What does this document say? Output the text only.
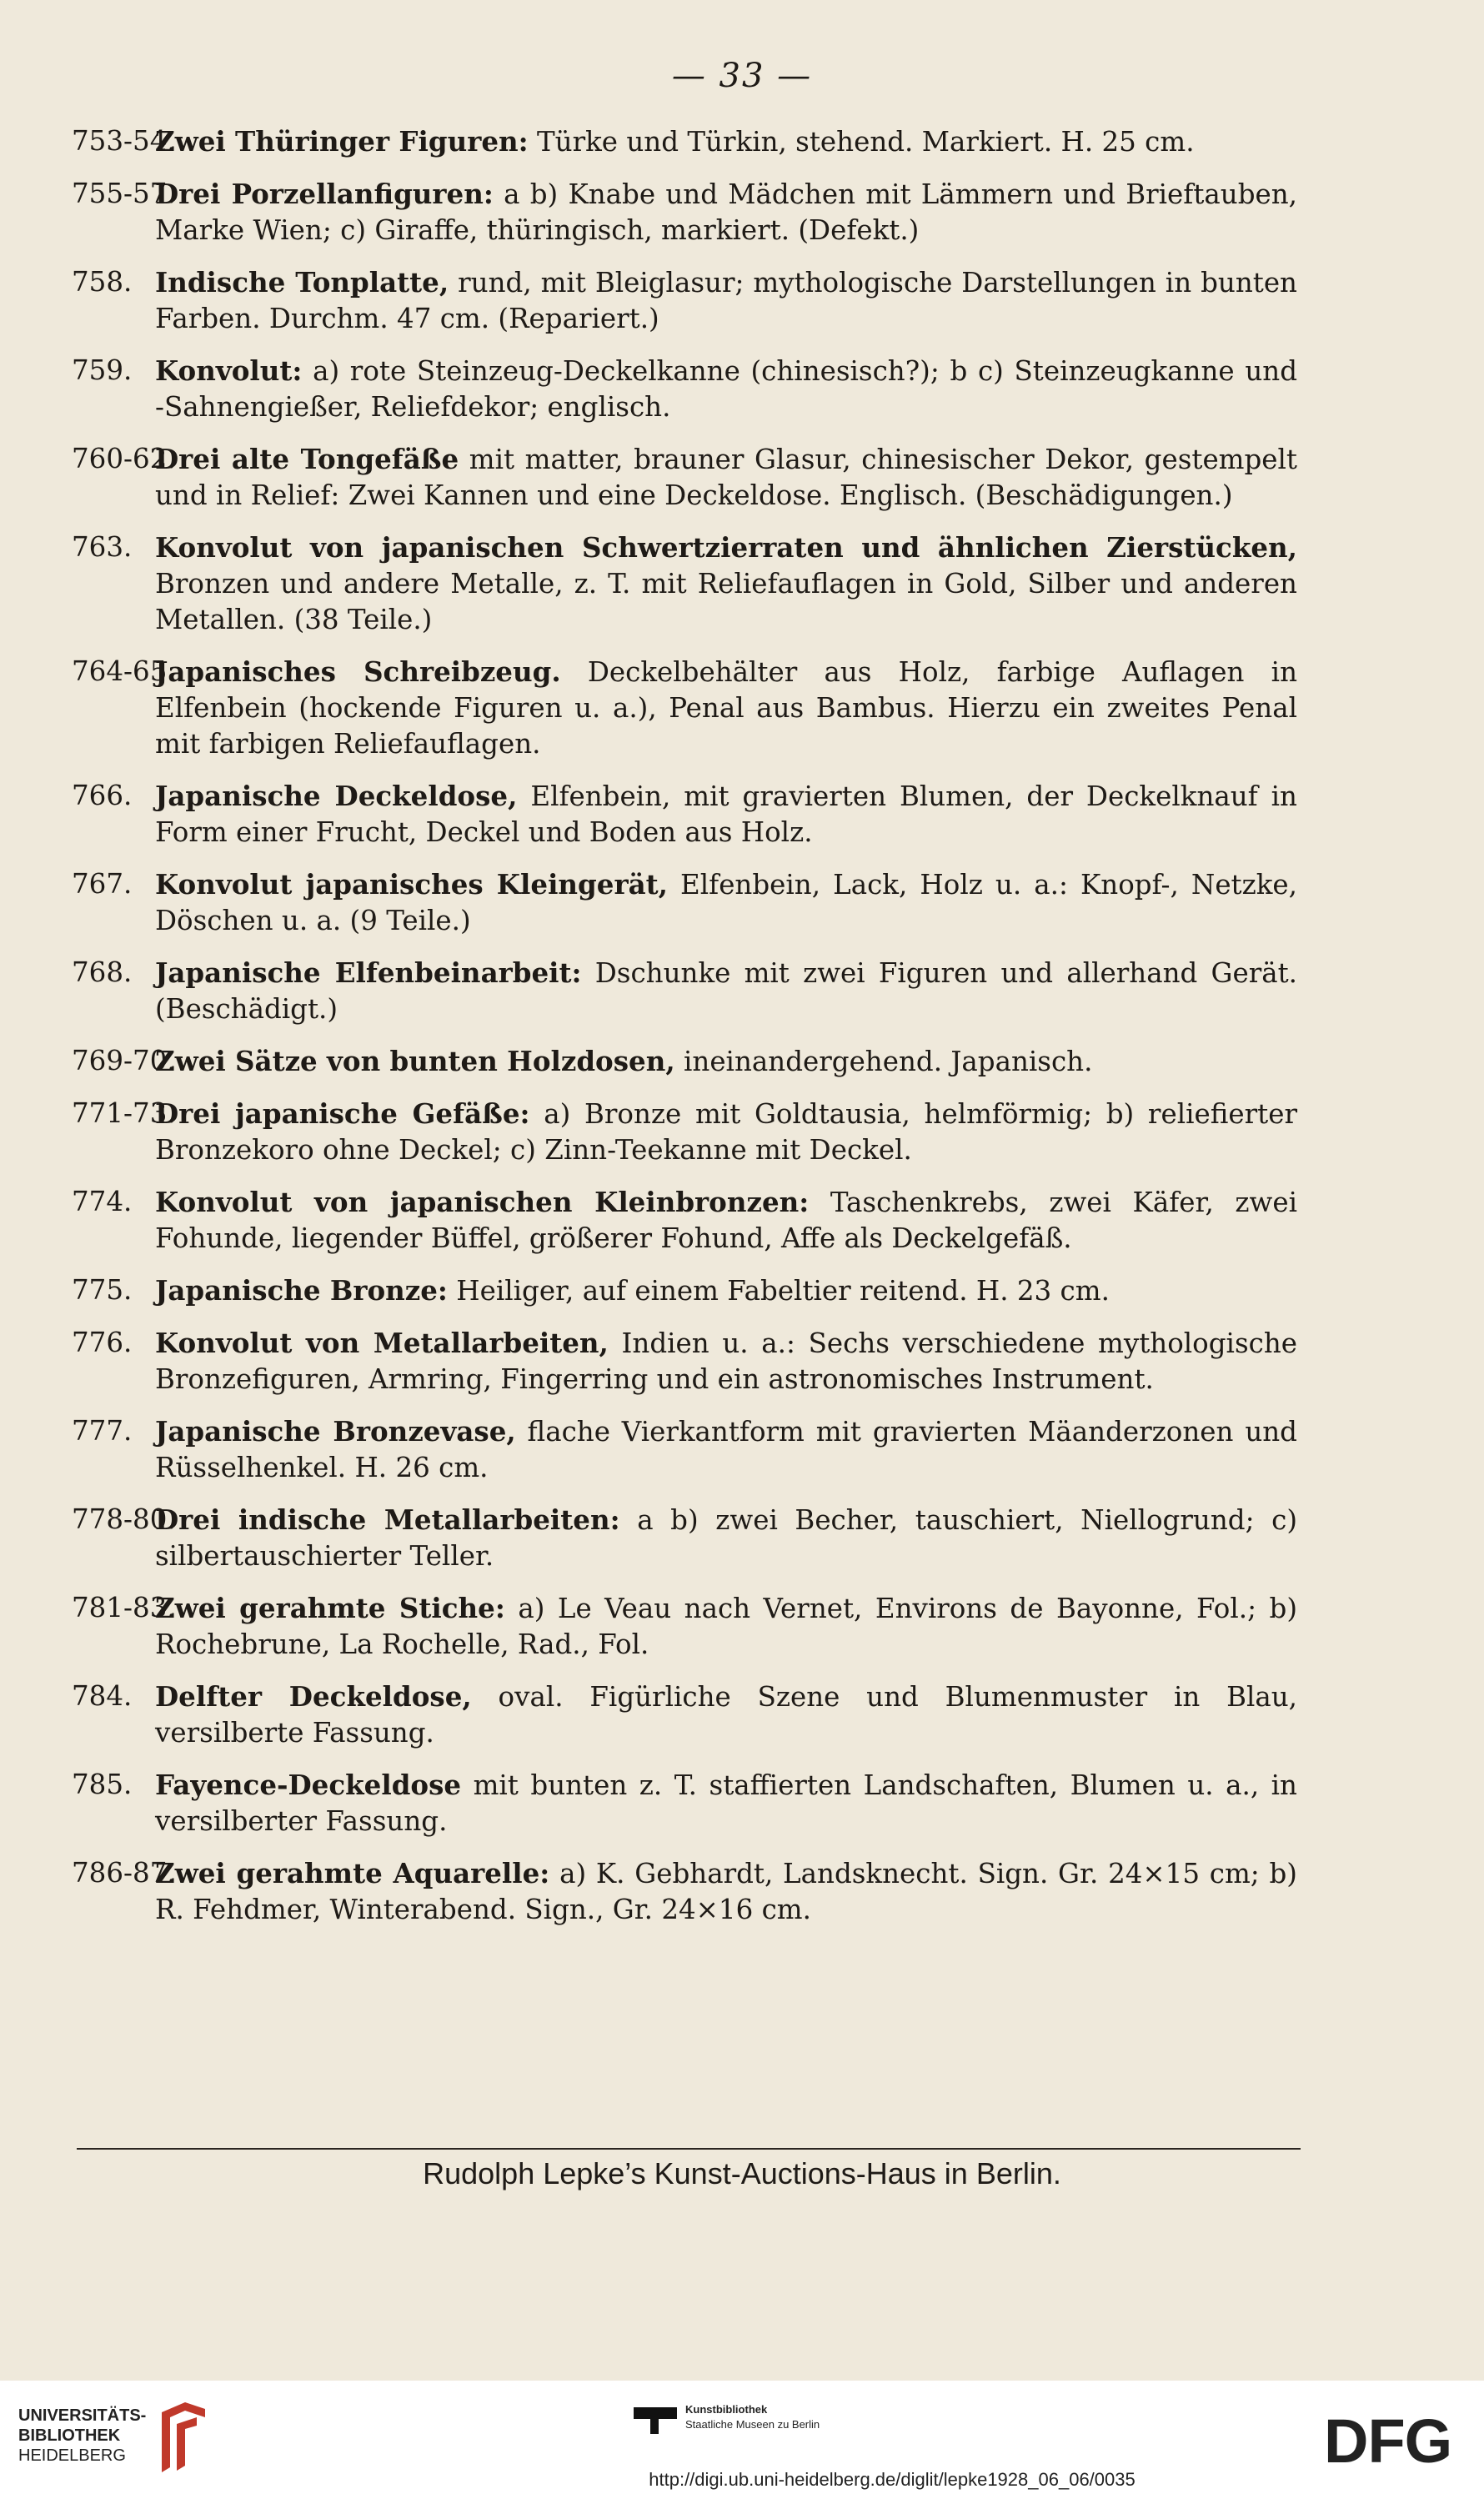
— 33 —
753-54.
Zwei Thüringer Figuren: Türke und Türkin, stehend. Markiert. H. 25 cm.
755-57.
Drei Porzellanfiguren: a b) Knabe und Mädchen mit Lämmern und Brieftauben, Marke Wien; c) Giraffe, thüringisch, markiert. (Defekt.)
758. Indische Tonplatte, rund, mit Bleiglasur; mythologische Darstellungen in bunten Farben. Durchm. 47 cm. (Repariert.)
759. Konvolut: a) rote Steinzeug-Deckelkanne (chinesisch?); b c) Steinzeugkanne und -Sahnengießer, Reliefdekor; englisch.
760-62.
Drei alte Tongefäße mit matter, brauner Glasur, chinesischer Dekor, gestempelt und in Relief: Zwei Kannen und eine Deckeldose. Englisch. (Beschädigungen.)
763. Konvolut von japanischen Schwertzierraten und ähnlichen Zierstücken, Bronzen und andere Metalle, z. T. mit Reliefauflagen in Gold, Silber und anderen Metallen. (38 Teile.)
764-65.
Japanisches Schreibzeug. Deckelbehälter aus Holz, farbige Auflagen in Elfenbein (hockende Figuren u. a.), Penal aus Bambus. Hierzu ein zweites Penal mit farbigen Reliefauflagen.
766. Japanische Deckeldose, Elfenbein, mit gravierten Blumen, der Deckelknauf in Form einer Frucht, Deckel und Boden aus Holz.
767. Konvolut japanisches Kleingerät, Elfenbein, Lack, Holz u. a.: Knopf-, Netzke, Döschen u. a. (9 Teile.)
768. Japanische Elfenbeinarbeit: Dschunke mit zwei Figuren und allerhand Gerät. (Beschädigt.)
769-70.
Zwei Sätze von bunten Holzdosen, ineinandergehend. Japanisch.
771-73.
Drei japanische Gefäße: a) Bronze mit Goldtausia, helmförmig; b) reliefierter Bronzekoro ohne Deckel; c) Zinn-Teekanne mit Deckel.
774. Konvolut von japanischen Kleinbronzen: Taschenkrebs, zwei Käfer, zwei Fohunde, liegender Büffel, größerer Fohund, Affe als Deckelgefäß.
775. Japanische Bronze: Heiliger, auf einem Fabeltier reitend. H. 23 cm.
776. Konvolut von Metallarbeiten, Indien u. a.: Sechs verschiedene mythologische Bronzefiguren, Armring, Fingerring und ein astronomisches Instrument.
777. Japanische Bronzevase, flache Vierkantform mit gravierten Mäanderzonen und Rüsselhenkel. H. 26 cm.
778-80.
Drei indische Metallarbeiten: a b) zwei Becher, tauschiert, Niellogrund; c) silbertauschierter Teller.
781-83.
Zwei gerahmte Stiche: a) Le Veau nach Vernet, Environs de Bayonne, Fol.; b) Rochebrune, La Rochelle, Rad., Fol.
784. Delfter Deckeldose, oval. Figürliche Szene und Blumenmuster in Blau, versilberte Fassung.
785. Fayence-Deckeldose mit bunten z. T. staffierten Landschaften, Blumen u. a., in versilberter Fassung.
786-87.
Zwei gerahmte Aquarelle: a) K. Gebhardt, Landsknecht. Sign. Gr. 24×15 cm; b) R. Fehdmer, Winterabend. Sign., Gr. 24×16 cm.
Rudolph Lepke’s Kunst-Auctions-Haus in Berlin.
UNIVERSITÄTS-
BIBLIOTHEK
HEIDELBERG
Kunstbibliothek
Staatliche Museen zu Berlin	DFG
http://digi.ub.uni-heidelberg.de/diglit/lepke1928_06_06/0035
